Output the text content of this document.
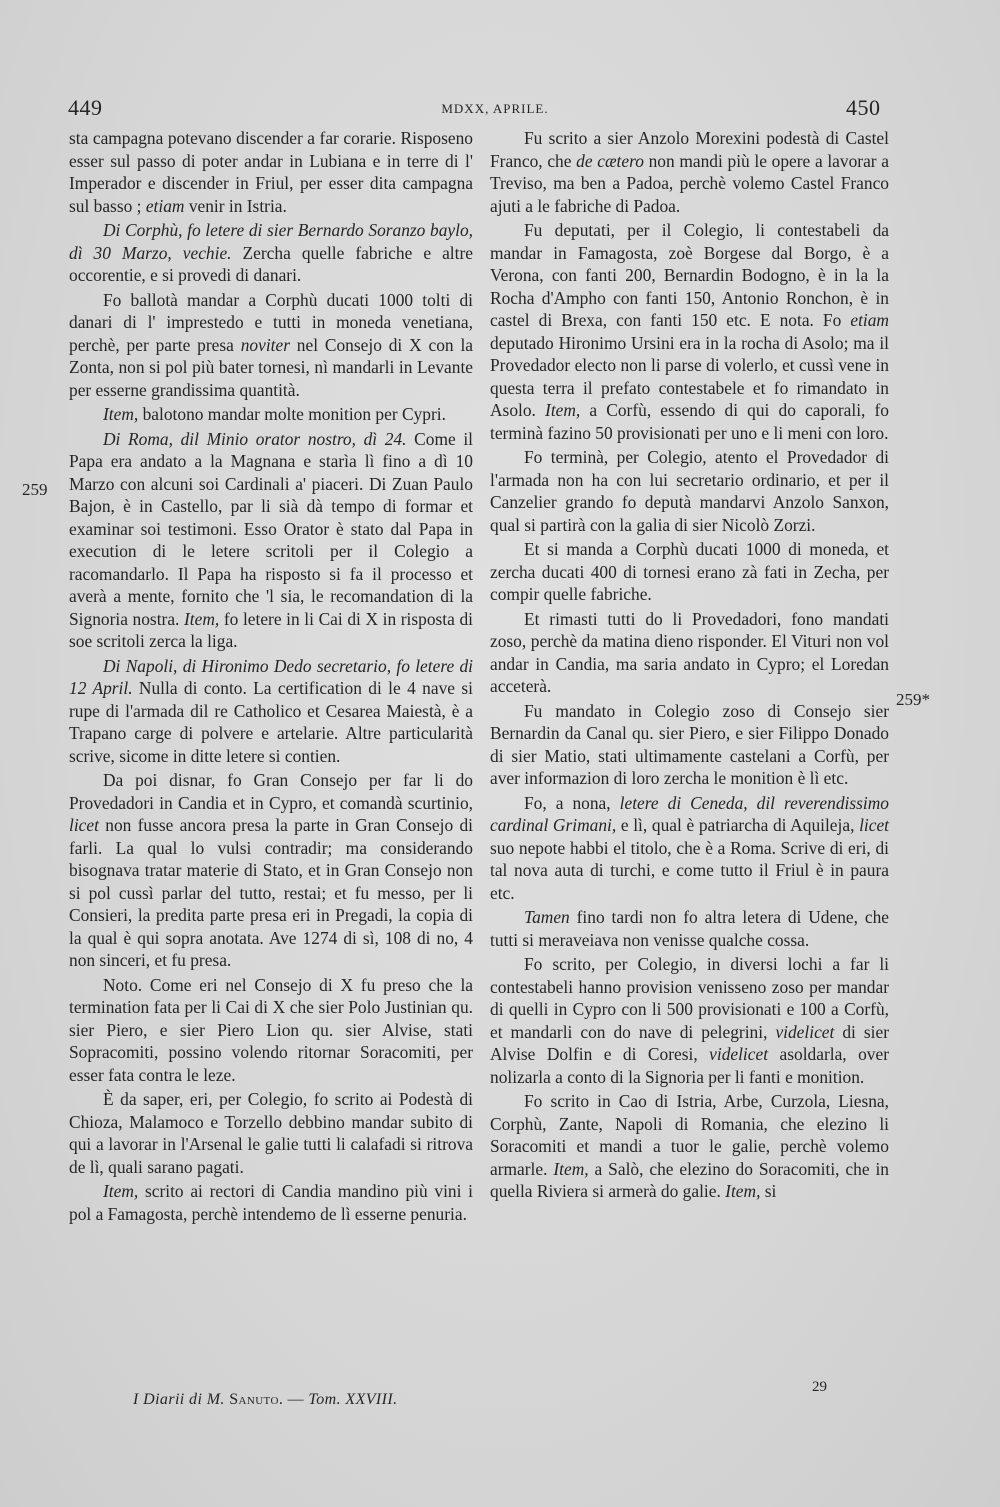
449	MDXX, APRILE.	450
259
259*

sta campagna potevano discender a far corarie. Risposeno esser sul passo di poter andar in Lubiana e in terre di l' Imperador e discender in Friul, per esser dita campagna sul basso ; etiam venir in Istria.

Di Corphù, fo letere di sier Bernardo Soranzo baylo, dì 30 Marzo, vechie. Zercha quelle fabriche e altre occorentie, e si provedi di danari.

Fo ballotà mandar a Corphù ducati 1000 tolti di danari di l' imprestedo e tutti in moneda venetiana, perchè, per parte presa noviter nel Consejo di X con la Zonta, non si pol più bater tornesi, nì mandarli in Levante per esserne grandissima quantità.

Item, balotono mandar molte monition per Cypri.

Di Roma, dil Minio orator nostro, dì 24. Come il Papa era andato a la Magnana e starìa lì fino a dì 10 Marzo con alcuni soi Cardinali a' piaceri. Di Zuan Paulo Bajon, è in Castello, par li sià dà tempo di formar et examinar soi testimoni. Esso Orator è stato dal Papa in execution di le letere scritoli per il Colegio a racomandarlo. Il Papa ha risposto si fa il processo et averà a mente, fornito che 'l sia, le recomandation di la Signoria nostra. Item, fo letere in li Cai di X in risposta di soe scritoli zerca la liga.

Di Napoli, di Hironimo Dedo secretario, fo letere di 12 April. Nulla di conto. La certification di le 4 nave si rupe di l'armada dil re Catholico et Cesarea Maiestà, è a Trapano carge di polvere e artelarie. Altre particularità scrive, sicome in ditte letere si contien.

Da poi disnar, fo Gran Consejo per far li do Provedadori in Candia et in Cypro, et comandà scurtinio, licet non fusse ancora presa la parte in Gran Consejo di farli. La qual lo vulsi contradir; ma considerando bisognava tratar materie di Stato, et in Gran Consejo non si pol cussì parlar del tutto, restai; et fu messo, per li Consieri, la predita parte presa eri in Pregadi, la copia di la qual è qui sopra anotata. Ave 1274 di sì, 108 di no, 4 non sinceri, et fu presa.

Noto. Come eri nel Consejo di X fu preso che la termination fata per li Cai di X che sier Polo Justinian qu. sier Piero, e sier Piero Lion qu. sier Alvise, stati Sopracomiti, possino volendo ritornar Soracomiti, per esser fata contra le leze.

È da saper, eri, per Colegio, fo scrito ai Podestà di Chioza, Malamoco e Torzello debbino mandar subito di qui a lavorar in l'Arsenal le galie tutti li calafadi si ritrova de lì, quali sarano pagati.

Item, scrito ai rectori di Candia mandino più vini i pol a Famagosta, perchè intendemo de lì esserne penuria.

Fu scrito a sier Anzolo Morexini podestà di Castel Franco, che de cætero non mandi più le opere a lavorar a Treviso, ma ben a Padoa, perchè volemo Castel Franco ajuti a le fabriche di Padoa.

Fu deputati, per il Colegio, li contestabeli da mandar in Famagosta, zoè Borgese dal Borgo, è a Verona, con fanti 200, Bernardin Bodogno, è in la la Rocha d'Ampho con fanti 150, Antonio Ronchon, è in castel di Brexa, con fanti 150 etc. E nota. Fo etiam deputado Hironimo Ursini era in la rocha di Asolo; ma il Provedador electo non li parse di volerlo, et cussì vene in questa terra il prefato contestabele et fo rimandato in Asolo. Item, a Corfù, essendo di qui do caporali, fo terminà fazino 50 provisionati per uno e li meni con loro.

Fo terminà, per Colegio, atento el Provedador di l'armada non ha con lui secretario ordinario, et per il Canzelier grando fo deputà mandarvi Anzolo Sanxon, qual si partirà con la galia di sier Nicolò Zorzi.

Et si manda a Corphù ducati 1000 di moneda, et zercha ducati 400 di tornesi erano zà fati in Zecha, per compir quelle fabriche.

Et rimasti tutti do li Provedadori, fono mandati zoso, perchè da matina dieno risponder. El Vituri non vol andar in Candia, ma saria andato in Cypro; el Loredan acceterà.

Fu mandato in Colegio zoso di Consejo sier Bernardin da Canal qu. sier Piero, e sier Filippo Donado di sier Matio, stati ultimamente castelani a Corfù, per aver informazion di loro zercha le monition è lì etc.

Fo, a nona, letere di Ceneda, dil reverendissimo cardinal Grimani, e lì, qual è patriarcha di Aquileja, licet suo nepote habbi el titolo, che è a Roma. Scrive di eri, di tal nova auta di turchi, e come tutto il Friul è in paura etc.

Tamen fino tardi non fo altra letera di Udene, che tutti si meraveiava non venisse qualche cossa.

Fo scrito, per Colegio, in diversi lochi a far li contestabeli hanno provision venisseno zoso per mandar di quelli in Cypro con li 500 provisionati e 100 a Corfù, et mandarli con do nave di pelegrini, videlicet di sier Alvise Dolfin e di Coresi, videlicet asoldarla, over nolizarla a conto di la Signoria per li fanti e monition.

Fo scrito in Cao di Istria, Arbe, Curzola, Liesna, Corphù, Zante, Napoli di Romania, che elezino li Soracomiti et mandi a tuor le galie, perchè volemo armarle. Item, a Salò, che elezino do Soracomiti, che in quella Riviera si armerà do galie. Item, si

I Diarii di M. Sanuto. — Tom. XXVIII.
29
